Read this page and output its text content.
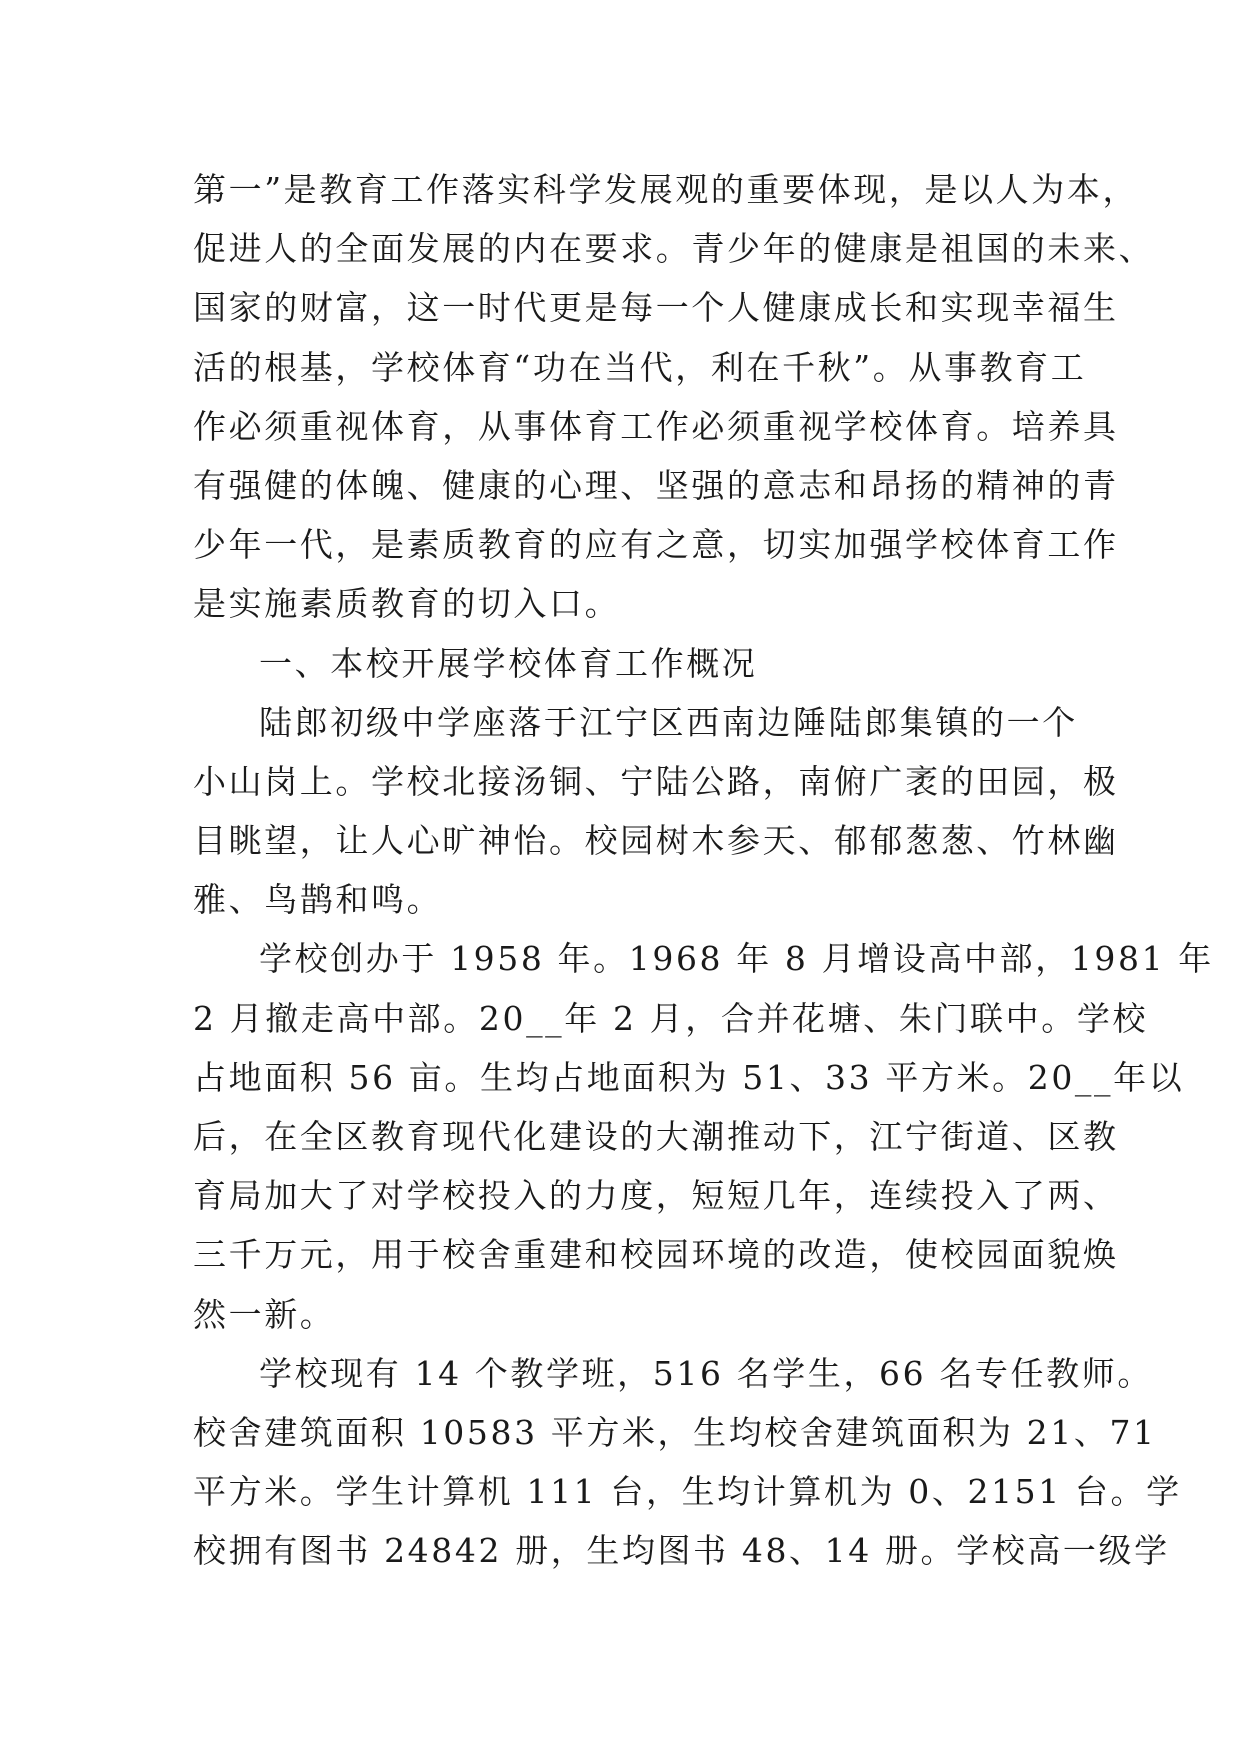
第一”是教育工作落实科学发展观的重要体现，是以人为本，
促进人的全面发展的内在要求。青少年的健康是祖国的未来、
国家的财富，这一时代更是每一个人健康成长和实现幸福生
活的根基，学校体育“功在当代，利在千秋”。从事教育工
作必须重视体育，从事体育工作必须重视学校体育。培养具
有强健的体魄、健康的心理、坚强的意志和昂扬的精神的青
少年一代，是素质教育的应有之意，切实加强学校体育工作
是实施素质教育的切入口。
一、本校开展学校体育工作概况
陆郎初级中学座落于江宁区西南边陲陆郎集镇的一个
小山岗上。学校北接汤铜、宁陆公路，南俯广袤的田园，极
目眺望，让人心旷神怡。校园树木参天、郁郁葱葱、竹林幽
雅、鸟鹊和鸣。
学校创办于 1958 年。1968 年 8 月增设高中部，1981 年
2 月撤走高中部。20__年 2 月，合并花塘、朱门联中。学校
占地面积 56 亩。生均占地面积为 51、33 平方米。20__年以
后，在全区教育现代化建设的大潮推动下，江宁街道、区教
育局加大了对学校投入的力度，短短几年，连续投入了两、
三千万元，用于校舍重建和校园环境的改造，使校园面貌焕
然一新。
学校现有 14 个教学班，516 名学生，66 名专任教师。
校舍建筑面积 10583 平方米，生均校舍建筑面积为 21、71
平方米。学生计算机 111 台，生均计算机为 0、2151 台。学
校拥有图书 24842 册，生均图书 48、14 册。学校高一级学
